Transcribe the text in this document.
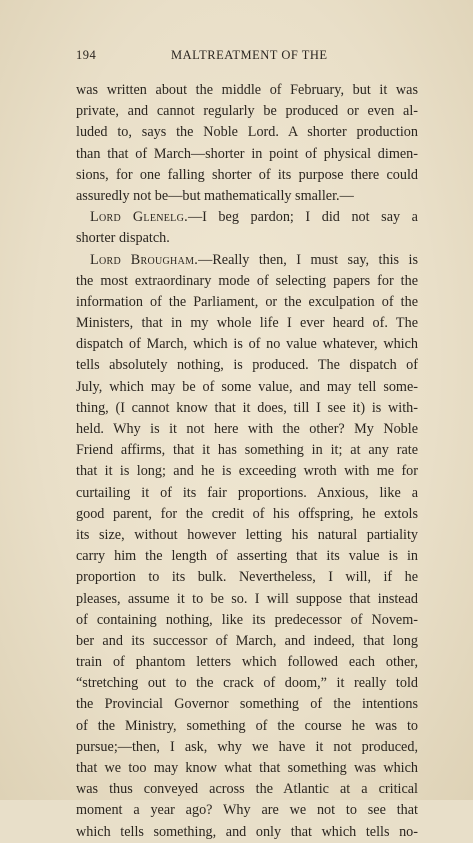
194	MALTREATMENT OF THE
was written about the middle of February, but it was
private, and cannot regularly be produced or even al-
luded to, says the Noble Lord. A shorter production
than that of March—shorter in point of physical dimen-
sions, for one falling shorter of its purpose there could
assuredly not be—but mathematically smaller.—
Lord Glenelg.—I beg pardon; I did not say a
shorter dispatch.
Lord Brougham.—Really then, I must say, this is
the most extraordinary mode of selecting papers for the
information of the Parliament, or the exculpation of the
Ministers, that in my whole life I ever heard of. The
dispatch of March, which is of no value whatever, which
tells absolutely nothing, is produced. The dispatch of
July, which may be of some value, and may tell some-
thing, (I cannot know that it does, till I see it) is with-
held. Why is it not here with the other? My Noble
Friend affirms, that it has something in it; at any rate
that it is long; and he is exceeding wroth with me for
curtailing it of its fair proportions. Anxious, like a
good parent, for the credit of his offspring, he extols
its size, without however letting his natural partiality
carry him the length of asserting that its value is in
proportion to its bulk. Nevertheless, I will, if he
pleases, assume it to be so. I will suppose that instead
of containing nothing, like its predecessor of Novem-
ber and its successor of March, and indeed, that long
train of phantom letters which followed each other,
“stretching out to the crack of doom,” it really told
the Provincial Governor something of the intentions
of the Ministry, something of the course he was to
pursue;—then, I ask, why we have it not produced,
that we too may know what that something was which
was thus conveyed across the Atlantic at a critical
moment a year ago? Why are we not to see that
which tells something, and only that which tells no-
